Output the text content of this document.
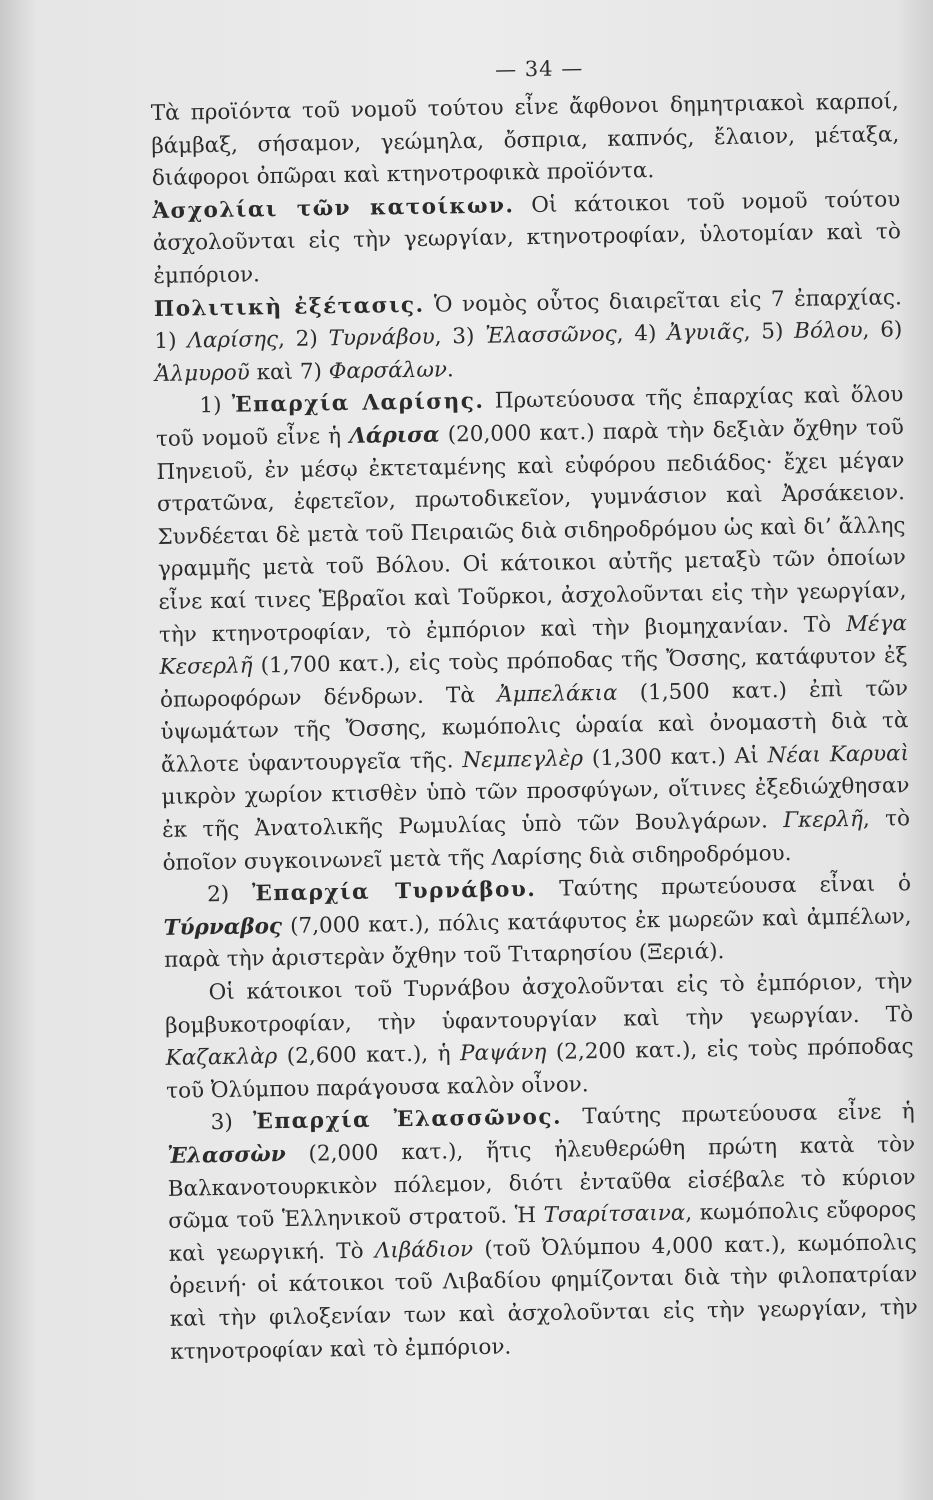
— 34 —

Τὰ προϊόντα τοῦ νομοῦ τούτου εἶνε ἄφθονοι δημητριακοὶ καρποί, βάμβαξ, σήσαμον, γεώμηλα, ὄσπρια, καπνός, ἔλαιον, μέταξα, διάφοροι ὀπῶραι καὶ κτηνοτροφικὰ προϊόντα.

Ἀσχολίαι τῶν κατοίκων. Οἱ κάτοικοι τοῦ νομοῦ τούτου ἀσχολοῦνται εἰς τὴν γεωργίαν, κτηνοτροφίαν, ὑλοτομίαν καὶ τὸ ἐμπόριον.

Πολιτικὴ ἐξέτασις. Ὁ νομὸς οὗτος διαιρεῖται εἰς 7 ἐπαρχίας. 1) Λαρίσης, 2) Τυρνάβου, 3) Ἐλασσῶνος, 4) Ἀγυιᾶς, 5) Βόλου, 6) Ἁλμυροῦ καὶ 7) Φαρσάλων.

1) Ἐπαρχία Λαρίσης. Πρωτεύουσα τῆς ἐπαρχίας καὶ ὅλου τοῦ νομοῦ εἶνε ἡ Λάρισα (20,000 κατ.) παρὰ τὴν δεξιὰν ὄχθην τοῦ Πηνειοῦ, ἐν μέσῳ ἐκτεταμένης καὶ εὐφόρου πεδιάδος· ἔχει μέγαν στρατῶνα, ἐφετεῖον, πρωτοδικεῖον, γυμνάσιον καὶ Ἀρσάκειον. Συνδέεται δὲ μετὰ τοῦ Πειραιῶς διὰ σιδηροδρόμου ὡς καὶ δι’ ἄλλης γραμμῆς μετὰ τοῦ Βόλου. Οἱ κάτοικοι αὐτῆς μεταξὺ τῶν ὁποίων εἶνε καί τινες Ἑβραῖοι καὶ Τοῦρκοι, ἀσχολοῦνται εἰς τὴν γεωργίαν, τὴν κτηνοτροφίαν, τὸ ἐμπόριον καὶ τὴν βιομηχανίαν. Τὸ Μέγα Κεσερλῆ (1,700 κατ.), εἰς τοὺς πρόποδας τῆς Ὄσσης, κατάφυτον ἐξ ὀπωροφόρων δένδρων. Τὰ Ἀμπελάκια (1,500 κατ.) ἐπὶ τῶν ὑψωμάτων τῆς Ὄσσης, κωμόπολις ὡραία καὶ ὀνομαστὴ διὰ τὰ ἄλλοτε ὑφαντουργεῖα τῆς. Νεμπεγλὲρ (1,300 κατ.) Αἱ Νέαι Καρυαὶ μικρὸν χωρίον κτισθὲν ὑπὸ τῶν προσφύγων, οἵτινες ἐξεδιώχθησαν ἐκ τῆς Ἀνατολικῆς Ρωμυλίας ὑπὸ τῶν Βουλγάρων. Γκερλῆ, τὸ ὁποῖον συγκοινωνεῖ μετὰ τῆς Λαρίσης διὰ σιδηροδρόμου.

2) Ἐπαρχία Τυρνάβου. Ταύτης πρωτεύουσα εἶναι ὁ Τύρναβος (7,000 κατ.), πόλις κατάφυτος ἐκ μωρεῶν καὶ ἀμπέλων, παρὰ τὴν ἀριστερὰν ὄχθην τοῦ Τιταρησίου (Ξεριά).

Οἱ κάτοικοι τοῦ Τυρνάβου ἀσχολοῦνται εἰς τὸ ἐμπόριον, τὴν βομβυκοτροφίαν, τὴν ὑφαντουργίαν καὶ τὴν γεωργίαν. Τὸ Καζακλὰρ (2,600 κατ.), ἡ Ραψάνη (2,200 κατ.), εἰς τοὺς πρόποδας τοῦ Ὀλύμπου παράγουσα καλὸν οἶνον.

3) Ἐπαρχία Ἐλασσῶνος. Ταύτης πρωτεύουσα εἶνε ἡ Ἐλασσὼν (2,000 κατ.), ἥτις ἠλευθερώθη πρώτη κατὰ τὸν Βαλκανοτουρκικὸν πόλεμον, διότι ἐνταῦθα εἰσέβαλε τὸ κύριον σῶμα τοῦ Ἑλληνικοῦ στρατοῦ. Ἡ Τσαρίτσαινα, κωμόπολις εὔφορος καὶ γεωργική. Τὸ Λιβάδιον (τοῦ Ὀλύμπου 4,000 κατ.), κωμόπολις ὀρεινή· οἱ κάτοικοι τοῦ Λιβαδίου φημίζονται διὰ τὴν φιλοπατρίαν καὶ τὴν φιλοξενίαν των καὶ ἀσχολοῦνται εἰς τὴν γεωργίαν, τὴν κτηνοτροφίαν καὶ τὸ ἐμπόριον.
